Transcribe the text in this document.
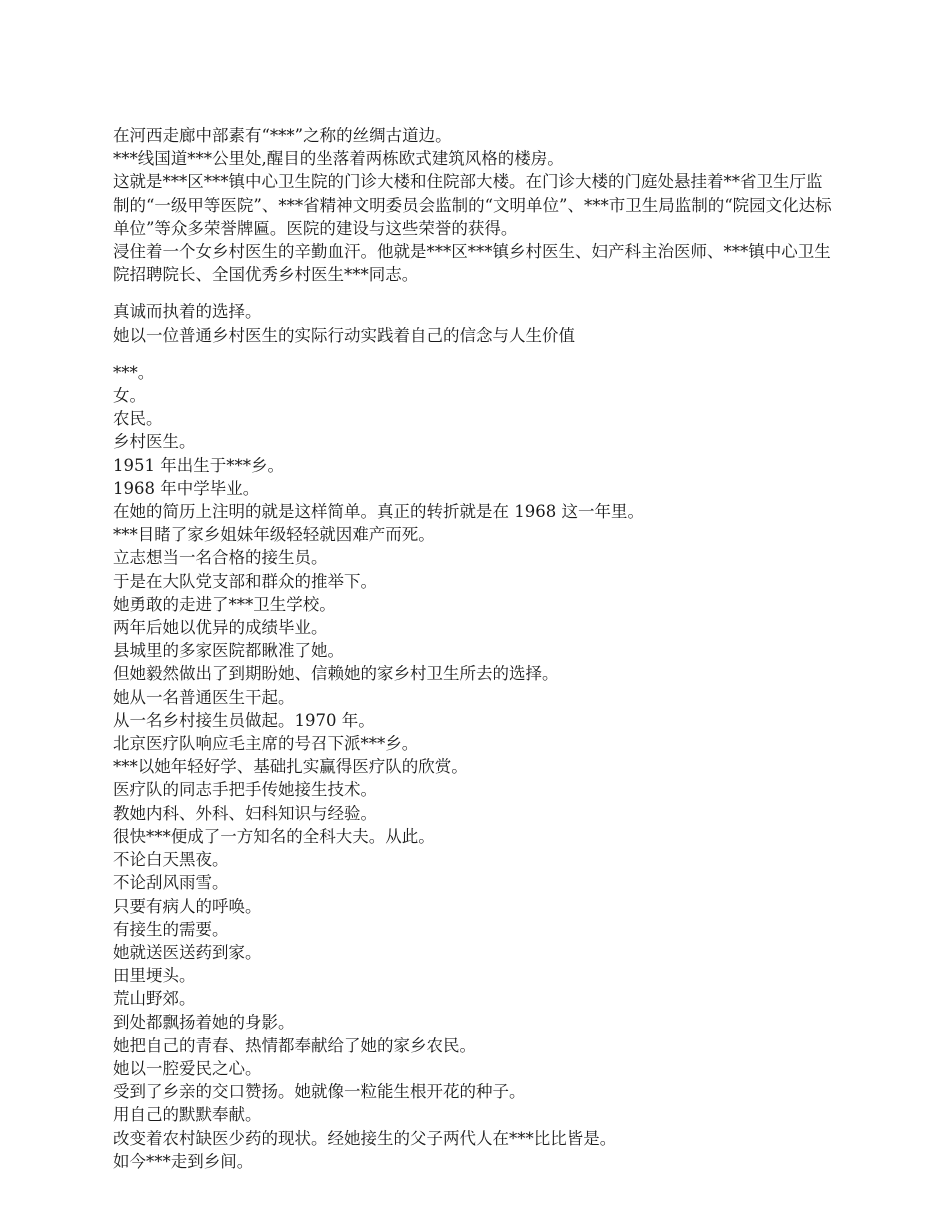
在河西走廊中部素有“***”之称的丝绸古道边。

***线国道***公里处,醒目的坐落着两栋欧式建筑风格的楼房。

这就是***区***镇中心卫生院的门诊大楼和住院部大楼。在门诊大楼的门庭处悬挂着**省卫生厅监制的“一级甲等医院”、***省精神文明委员会监制的“文明单位”、***市卫生局监制的“院园文化达标单位”等众多荣誉牌匾。医院的建设与这些荣誉的获得。

浸住着一个女乡村医生的辛勤血汗。他就是***区***镇乡村医生、妇产科主治医师、***镇中心卫生院招聘院长、全国优秀乡村医生***同志。

真诚而执着的选择。

她以一位普通乡村医生的实际行动实践着自己的信念与人生价值

***。

女。

农民。

乡村医生。

1951 年出生于***乡。

1968 年中学毕业。

在她的简历上注明的就是这样简单。真正的转折就是在 1968 这一年里。

***目睹了家乡姐妹年级轻轻就因难产而死。

立志想当一名合格的接生员。

于是在大队党支部和群众的推举下。

她勇敢的走进了***卫生学校。

两年后她以优异的成绩毕业。

县城里的多家医院都瞅准了她。

但她毅然做出了到期盼她、信赖她的家乡村卫生所去的选择。

她从一名普通医生干起。

从一名乡村接生员做起。1970 年。

北京医疗队响应毛主席的号召下派***乡。

***以她年轻好学、基础扎实赢得医疗队的欣赏。

医疗队的同志手把手传她接生技术。

教她内科、外科、妇科知识与经验。

很快***便成了一方知名的全科大夫。从此。

不论白天黑夜。

不论刮风雨雪。

只要有病人的呼唤。

有接生的需要。

她就送医送药到家。

田里埂头。

荒山野郊。

到处都飘扬着她的身影。

她把自己的青春、热情都奉献给了她的家乡农民。

她以一腔爱民之心。

受到了乡亲的交口赞扬。她就像一粒能生根开花的种子。

用自己的默默奉献。

改变着农村缺医少药的现状。经她接生的父子两代人在***比比皆是。

如今***走到乡间。
